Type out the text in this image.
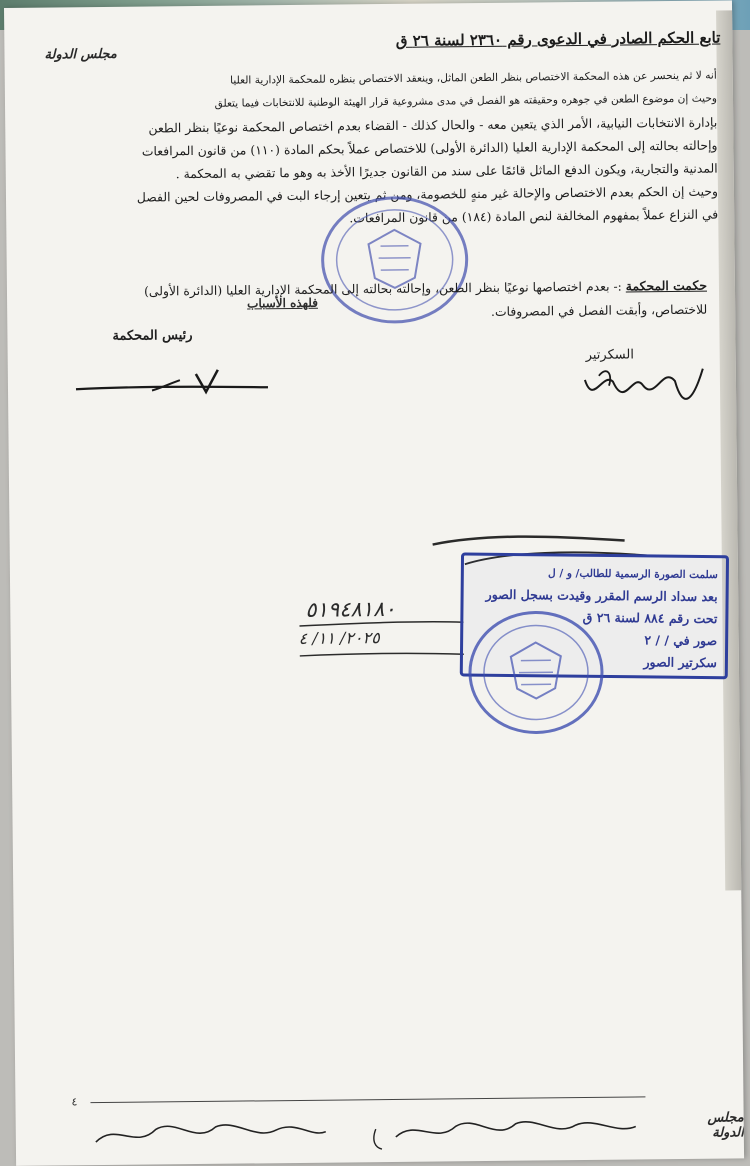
تابع الحكم الصادر في الدعوى رقم ٢٣٦٠ لسنة ٢٦ ق
مجلس الدولة

أنه لا ثم ينحسر عن هذه المحكمة الاختصاص بنظر الطعن الماثل، وينعقد الاختصاص بنظره للمحكمة الإدارية العليا

وحيث إن موضوع الطعن في جوهره وحقيقته هو الفصل في مدى مشروعية قرار الهيئة الوطنية للانتخابات فيما يتعلق

بإدارة الانتخابات النيابية، الأمر الذي يتعين معه - والحال كذلك - القضاء بعدم اختصاص المحكمة نوعيًا بنظر الطعن

وإحالته بحالته إلى المحكمة الإدارية العليا (الدائرة الأولى) للاختصاص عملاً بحكم المادة (١١٠) من قانون المرافعات

المدنية والتجارية، ويكون الدفع الماثل قائمًا على سند من القانون جديرًا الأخذ به وهو ما تقضي به المحكمة .

وحيث إن الحكم بعدم الاختصاص والإحالة غير منهٍ للخصومة، ومن ثم يتعين إرجاء البت في المصروفات لحين الفصل

في النزاع عملاً بمفهوم المخالفة لنص المادة (١٨٤) من قانون المرافعات.

فلهذه الأسباب

حكمت المحكمة :- بعدم اختصاصها نوعيًا بنظر الطعن، وإحالته بحالته إلى المحكمة الإدارية العليا (الدائرة الأولى)

للاختصاص، وأبقت الفصل في المصروفات.

رئيس المحكمة
السكرتير
٥١٩٤٨١٨٠
٢٠٢٥/ ١١/ ٤

سلمت الصورة الرسمية للطالب/ و / ل

بعد سداد الرسم المقرر وقيدت بسجل الصور

تحت رقم ٨٨٤ لسنة ٢٦ ق

صور في / / ٢

سكرتير الصور

٤
مجلس الدولة
